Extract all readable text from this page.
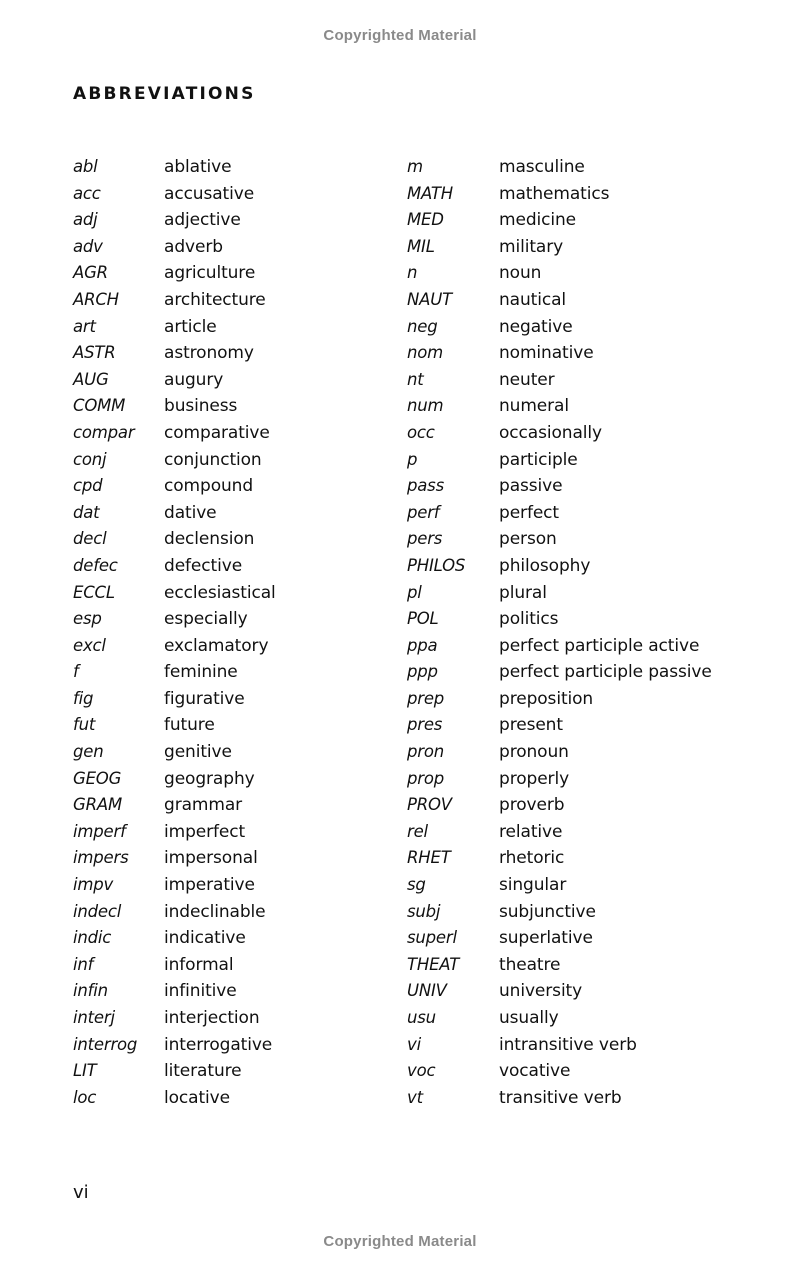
Copyrighted Material
ABBREVIATIONS
abl	ablative
acc	accusative
adj	adjective
adv	adverb
AGR	agriculture
ARCH	architecture
art	article
ASTR	astronomy
AUG	augury
COMM business
compar comparative
conj	conjunction
cpd	compound
dat	dative
decl	declension
defec	defective
ECCL	ecclesiastical
esp	especially
excl	exclamatory
f	feminine
fig	figurative
fut	future
gen	genitive
GEOG	geography
GRAM grammar
imperf imperfect
impers impersonal
impv	imperative
indecl	indeclinable
indic	indicative
inf	informal
infin	infinitive
interj	interjection
interrog interrogative
LIT	literature
loc	locative
m	masculine
MATH	mathematics
MED	medicine
MIL	military
n	noun
NAUT	nautical
neg	negative
nom	nominative
nt	neuter
num	numeral
occ	occasionally
p	participle
pass	passive
perf	perfect
pers	person
PHILOS philosophy
pl	plural
POL	politics
ppa	perfect participle active
ppp	perfect participle passive
prep	preposition
pres	present
pron	pronoun
prop	properly
PROV	proverb
rel	relative
RHET	rhetoric
sg	singular
subj	subjunctive
superl superlative
THEAT theatre
UNIV	university
usu	usually
vi	intransitive verb
voc	vocative
vt	transitive verb
vi
Copyrighted Material
